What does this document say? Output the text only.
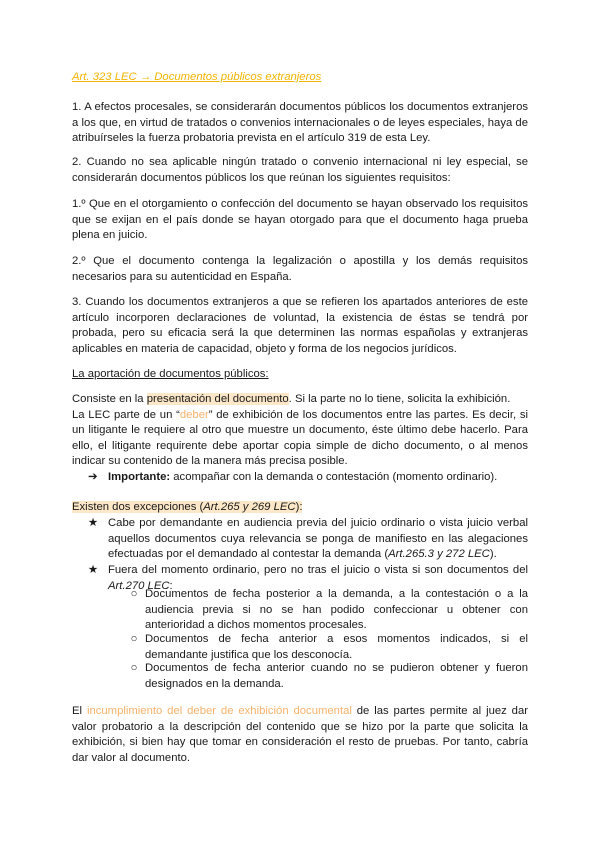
Art. 323 LEC → Documentos públicos extranjeros

1. A efectos procesales, se considerarán documentos públicos los documentos extranjeros a los que, en virtud de tratados o convenios internacionales o de leyes especiales, haya de atribuírseles la fuerza probatoria prevista en el artículo 319 de esta Ley.

2. Cuando no sea aplicable ningún tratado o convenio internacional ni ley especial, se considerarán documentos públicos los que reúnan los siguientes requisitos:

1.º Que en el otorgamiento o confección del documento se hayan observado los requisitos que se exijan en el país donde se hayan otorgado para que el documento haga prueba plena en juicio.

2.º Que el documento contenga la legalización o apostilla y los demás requisitos necesarios para su autenticidad en España.

3. Cuando los documentos extranjeros a que se refieren los apartados anteriores de este artículo incorporen declaraciones de voluntad, la existencia de éstas se tendrá por probada, pero su eficacia será la que determinen las normas españolas y extranjeras aplicables en materia de capacidad, objeto y forma de los negocios jurídicos.

La aportación de documentos públicos:

Consiste en la presentación del documento. Si la parte no lo tiene, solicita la exhibición.
La LEC parte de un “deber” de exhibición de los documentos entre las partes. Es decir, si un litigante le requiere al otro que muestre un documento, éste último debe hacerlo. Para ello, el litigante requirente debe aportar copia simple de dicho documento, o al menos indicar su contenido de la manera más precisa posible.
➔ Importante: acompañar con la demanda o contestación (momento ordinario).
Existen dos excepciones (Art.265 y 269 LEC):
★ Cabe por demandante en audiencia previa del juicio ordinario o vista juicio verbal aquellos documentos cuya relevancia se ponga de manifiesto en las alegaciones efectuadas por el demandado al contestar la demanda (Art.265.3 y 272 LEC).
★ Fuera del momento ordinario, pero no tras el juicio o vista si son documentos del Art.270 LEC:
○ Documentos de fecha posterior a la demanda, a la contestación o a la audiencia previa si no se han podido confeccionar u obtener con anterioridad a dichos momentos procesales.
○ Documentos de fecha anterior a esos momentos indicados, si el demandante justifica que los desconocía.
○ Documentos de fecha anterior cuando no se pudieron obtener y fueron designados en la demanda.
El incumplimiento del deber de exhibición documental de las partes permite al juez dar valor probatorio a la descripción del contenido que se hizo por la parte que solicita la exhibición, si bien hay que tomar en consideración el resto de pruebas. Por tanto, cabría dar valor al documento.
